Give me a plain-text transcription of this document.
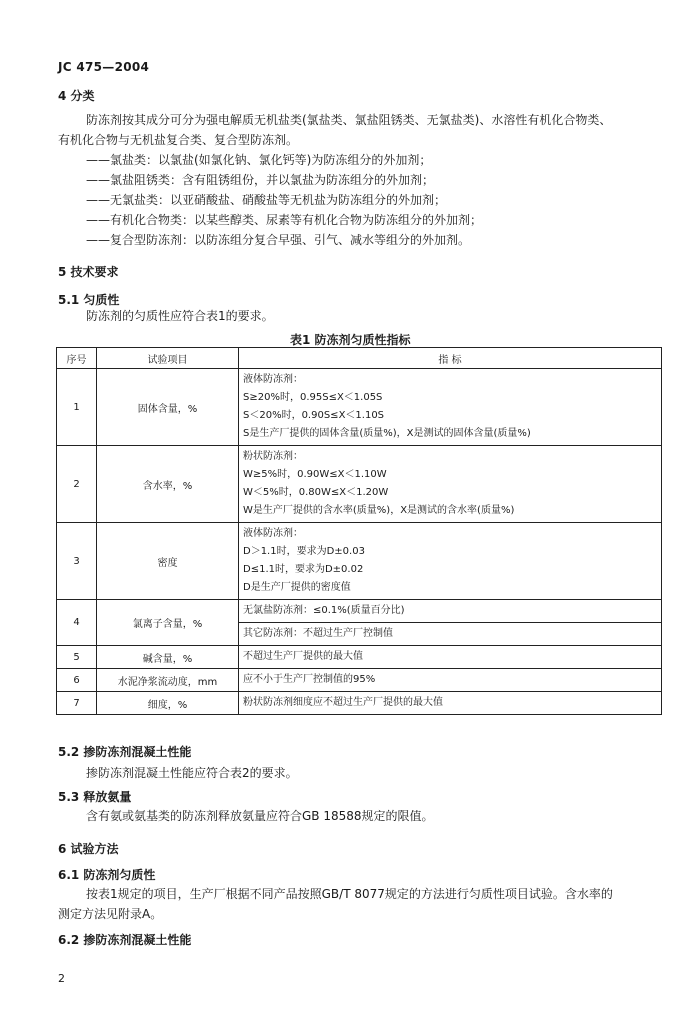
JC 475—2004
4 分类
防冻剂按其成分可分为强电解质无机盐类(氯盐类、氯盐阻锈类、无氯盐类)、水溶性有机化合物类、
有机化合物与无机盐复合类、复合型防冻剂。
——氯盐类：以氯盐(如氯化钠、氯化钙等)为防冻组分的外加剂；
——氯盐阻锈类：含有阻锈组份，并以氯盐为防冻组分的外加剂；
——无氯盐类：以亚硝酸盐、硝酸盐等无机盐为防冻组分的外加剂；
——有机化合物类：以某些醇类、尿素等有机化合物为防冻组分的外加剂；
——复合型防冻剂：以防冻组分复合早强、引气、减水等组分的外加剂。
5 技术要求
5.1 匀质性
防冻剂的匀质性应符合表1的要求。
表1 防冻剂匀质性指标
序号	试验项目	指 标
1	固体含量，%	液体防冻剂：
S≥20%时，0.95S≤X＜1.05S
S＜20%时，0.90S≤X＜1.10S
S是生产厂提供的固体含量(质量%)，X是测试的固体含量(质量%)

2	含水率，%	粉状防冻剂：
W≥5%时，0.90W≤X＜1.10W
W＜5%时，0.80W≤X＜1.20W
W是生产厂提供的含水率(质量%)，X是测试的含水率(质量%)

3	密度	液体防冻剂：
D＞1.1时，要求为D±0.03
D≤1.1时，要求为D±0.02
D是生产厂提供的密度值

4	氯离子含量，%	无氯盐防冻剂：≤0.1%(质量百分比)
其它防冻剂：不超过生产厂控制值

5	碱含量，%	不超过生产厂提供的最大值

6	水泥净浆流动度，mm	应不小于生产厂控制值的95%

7	细度，%	粉状防冻剂细度应不超过生产厂提供的最大值
5.2 掺防冻剂混凝土性能
掺防冻剂混凝土性能应符合表2的要求。
5.3 释放氨量
含有氨或氨基类的防冻剂释放氨量应符合GB 18588规定的限值。
6 试验方法
6.1 防冻剂匀质性
按表1规定的项目，生产厂根据不同产品按照GB/T 8077规定的方法进行匀质性项目试验。含水率的
测定方法见附录A。
6.2 掺防冻剂混凝土性能
2
